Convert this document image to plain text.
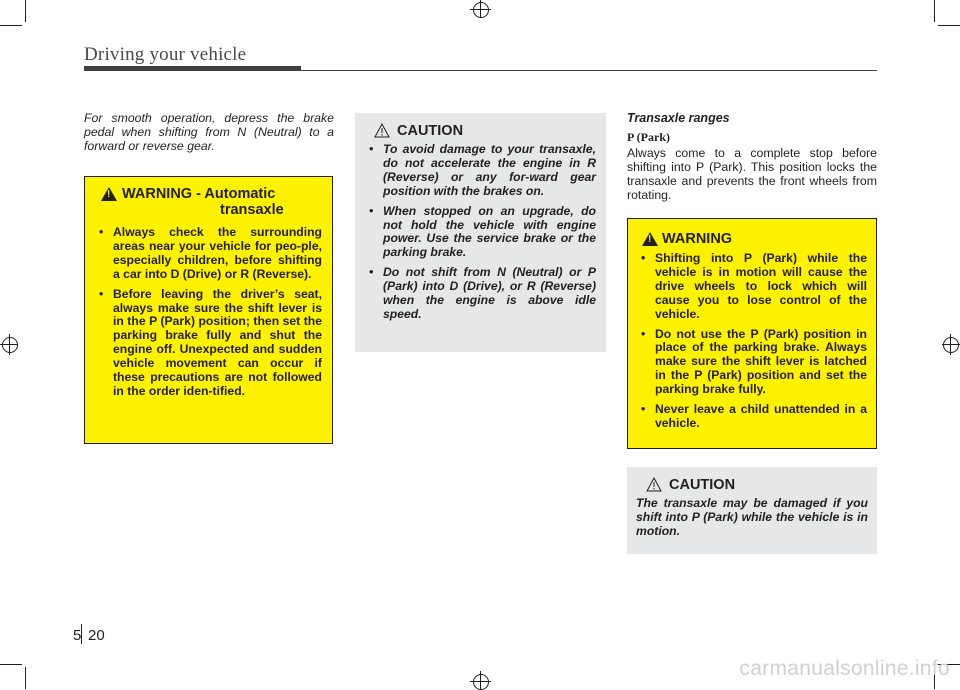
Driving your vehicle
For smooth operation, depress the brake pedal when shifting from N (Neutral) to a forward or reverse gear.
!
WARNING - Automatic
transaxle
• Always check the surrounding areas near your vehicle for peo-ple, especially children, before shifting a car into D (Drive) or R (Reverse).
• Before leaving the driver’s seat, always make sure the shift lever is in the P (Park) position; then set the parking brake fully and shut the engine off. Unexpected and sudden vehicle movement can occur if these precautions are not followed in the order iden-tified.
CAUTION
• To avoid damage to your transaxle, do not accelerate the engine in R (Reverse) or any for-ward gear position with the brakes on.
• When stopped on an upgrade, do not hold the vehicle with engine power. Use the service brake or the parking brake.
• Do not shift from N (Neutral) or P (Park) into D (Drive), or R (Reverse) when the engine is above idle speed.
Transaxle ranges
P (Park)
Always come to a complete stop before shifting into P (Park). This position locks the transaxle and prevents the front wheels from rotating.
!
WARNING
• Shifting into P (Park) while the vehicle is in motion will cause the drive wheels to lock which will cause you to lose control of the vehicle.
• Do not use the P (Park) position in place of the parking brake. Always make sure the shift lever is latched in the P (Park) position and set the parking brake fully.
• Never leave a child unattended in a vehicle.
CAUTION
The transaxle may be damaged if you shift into P (Park) while the vehicle is in motion.
5 20
carmanualsonline.info
